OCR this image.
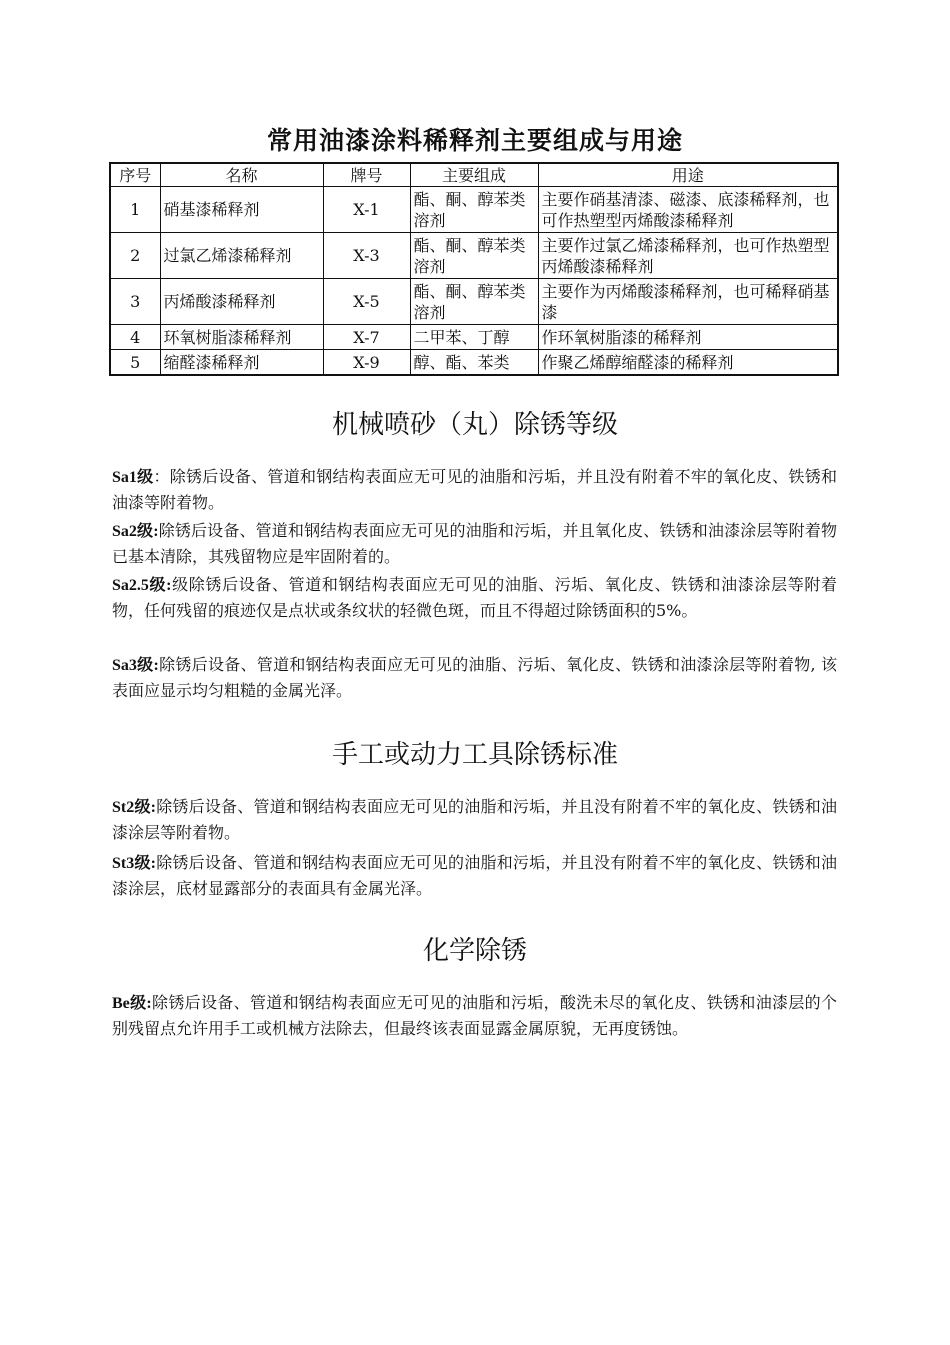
常用油漆涂料稀释剂主要组成与用途
序号	名称	牌号	主要组成	用途
1	硝基漆稀释剂	X-1	酯、酮、醇苯类溶剂	主要作硝基清漆、磁漆、底漆稀释剂，也可作热塑型丙烯酸漆稀释剂
2	过氯乙烯漆稀释剂	X-3	酯、酮、醇苯类溶剂	主要作过氯乙烯漆稀释剂，也可作热塑型丙烯酸漆稀释剂
3	丙烯酸漆稀释剂	X-5	酯、酮、醇苯类溶剂	主要作为丙烯酸漆稀释剂，也可稀释硝基漆
4	环氧树脂漆稀释剂	X-7	二甲苯、丁醇	作环氧树脂漆的稀释剂
5	缩醛漆稀释剂	X-9	醇、酯、苯类	作聚乙烯醇缩醛漆的稀释剂
机械喷砂（丸）除锈等级
Sa1级：除锈后设备、管道和钢结构表面应无可见的油脂和污垢，并且没有附着不牢的氧化皮、铁锈和油漆等附着物。
Sa2级:除锈后设备、管道和钢结构表面应无可见的油脂和污垢，并且氧化皮、铁锈和油漆涂层等附着物已基本清除，其残留物应是牢固附着的。
Sa2.5级:级除锈后设备、管道和钢结构表面应无可见的油脂、污垢、氧化皮、铁锈和油漆涂层等附着物，任何残留的痕迹仅是点状或条纹状的轻微色斑，而且不得超过除锈面积的5%。
Sa3级:除锈后设备、管道和钢结构表面应无可见的油脂、污垢、氧化皮、铁锈和油漆涂层等附着物, 该表面应显示均匀粗糙的金属光泽。
手工或动力工具除锈标准
St2级:除锈后设备、管道和钢结构表面应无可见的油脂和污垢，并且没有附着不牢的氧化皮、铁锈和油漆涂层等附着物。
St3级:除锈后设备、管道和钢结构表面应无可见的油脂和污垢，并且没有附着不牢的氧化皮、铁锈和油漆涂层，底材显露部分的表面具有金属光泽。
化学除锈
Be级:除锈后设备、管道和钢结构表面应无可见的油脂和污垢，酸洗未尽的氧化皮、铁锈和油漆层的个别残留点允许用手工或机械方法除去，但最终该表面显露金属原貌，无再度锈蚀。
